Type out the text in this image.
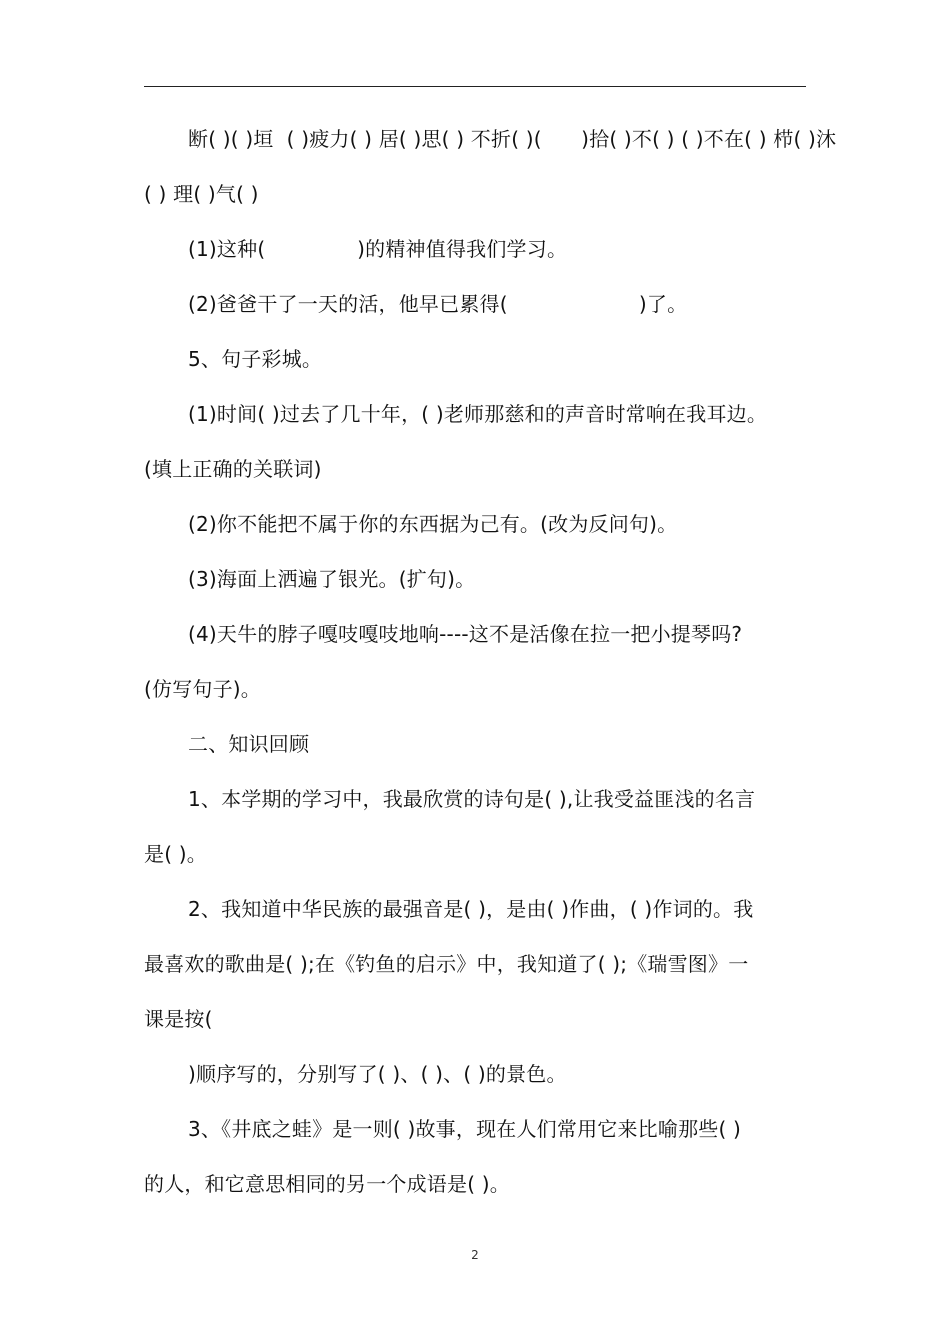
断( )( )垣  ( )疲力( ) 居( )思( ) 不折( )(      )拾( )不( ) ( )不在( ) 栉( )沐
( ) 理( )气( )
(1)这种(              )的精神值得我们学习。
(2)爸爸干了一天的活，他早已累得(                    )了。
5、句子彩城。
(1)时间( )过去了几十年，( )老师那慈和的声音时常响在我耳边。
(填上正确的关联词)
(2)你不能把不属于你的东西据为己有。(改为反问句)。
(3)海面上洒遍了银光。(扩句)。
(4)天牛的脖子嘎吱嘎吱地响----这不是活像在拉一把小提琴吗?
(仿写句子)。
二、知识回顾
1、本学期的学习中，我最欣赏的诗句是( ),让我受益匪浅的名言
是( )。
2、我知道中华民族的最强音是( )，是由( )作曲，( )作词的。我
最喜欢的歌曲是( );在《钓鱼的启示》中，我知道了( );《瑞雪图》一
课是按(
)顺序写的，分别写了( )、( )、( )的景色。
3、《井底之蛙》是一则( )故事，现在人们常用它来比喻那些( )
的人，和它意思相同的另一个成语是( )。
2
